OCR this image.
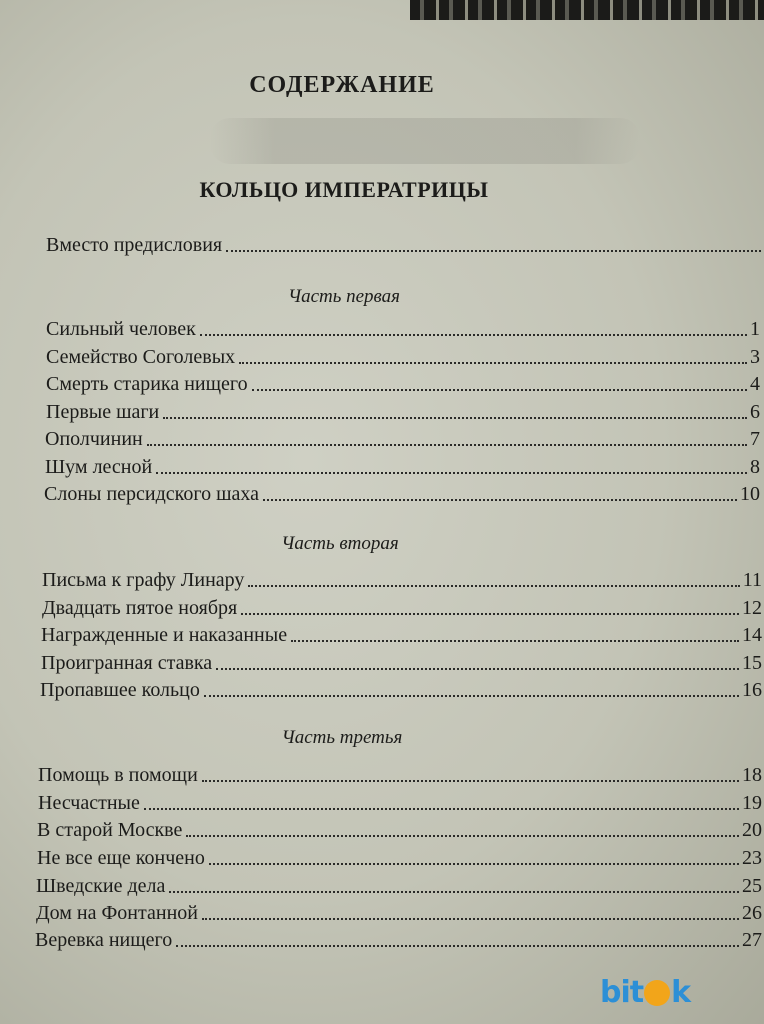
СОДЕРЖАНИЕ
КОЛЬЦО ИМПЕРАТРИЦЫ
Вместо предисловия
Часть первая
Сильный человек	1
Семейство Соголевых	3
Смерть старика нищего	4
Первые шаги	6
Ополчинин	7
Шум лесной	8
Слоны персидского шаха	10
Часть вторая
Письма к графу Линару	11
Двадцать пятое ноября	12
Награжденные и наказанные	14
Проигранная ставка	15
Пропавшее кольцо	16
Часть третья
Помощь в помощи	18
Несчастные	19
В старой Москве	20
Не все еще кончено	23
Шведские дела	25
Дом на Фонтанной	26
Веревка нищего	27
bit k
